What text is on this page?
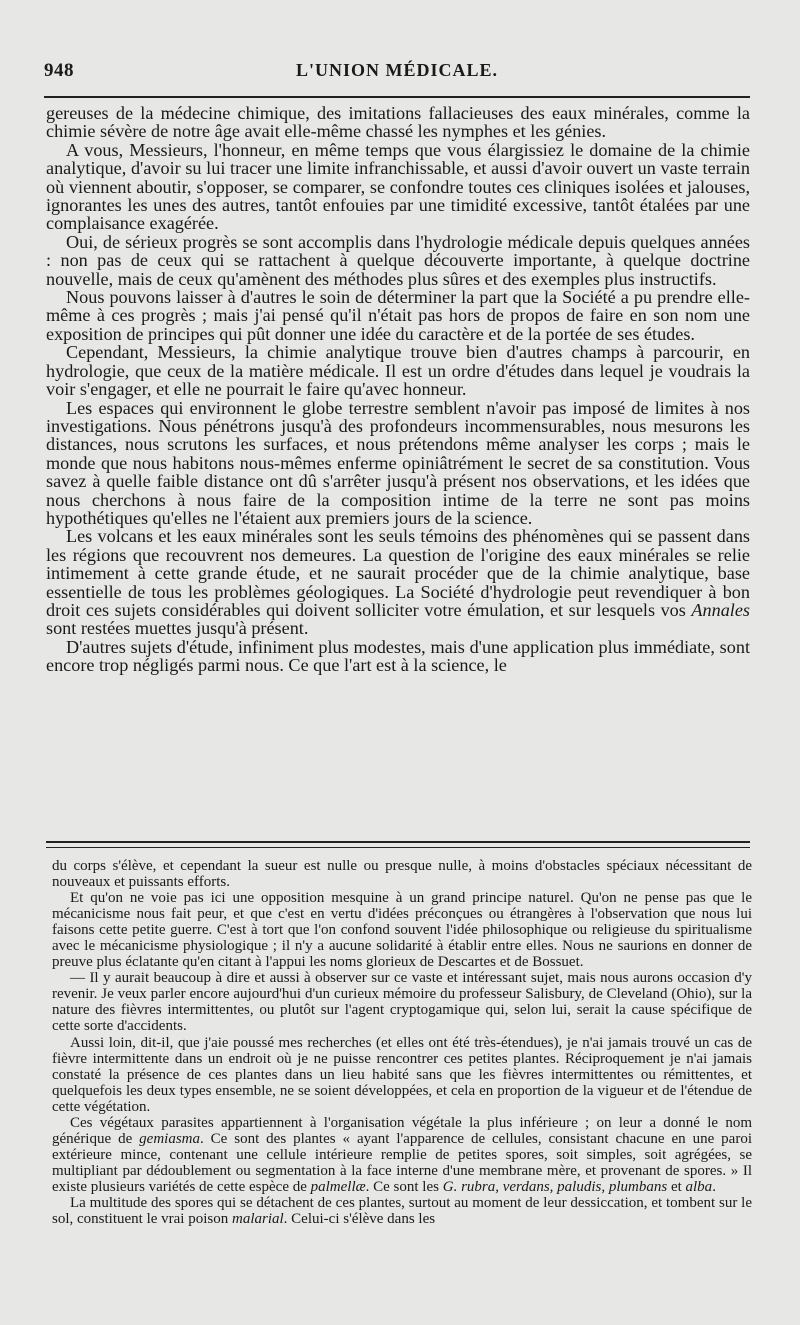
948	L'UNION MÉDICALE.

gereuses de la médecine chimique, des imitations fallacieuses des eaux minérales, comme la chimie sévère de notre âge avait elle-même chassé les nymphes et les génies.

A vous, Messieurs, l'honneur, en même temps que vous élargissiez le domaine de la chimie analytique, d'avoir su lui tracer une limite infranchissable, et aussi d'avoir ouvert un vaste terrain où viennent aboutir, s'opposer, se comparer, se confondre toutes ces cliniques isolées et jalouses, ignorantes les unes des autres, tantôt enfouies par une timidité excessive, tantôt étalées par une complaisance exagérée.

Oui, de sérieux progrès se sont accomplis dans l'hydrologie médicale depuis quelques années : non pas de ceux qui se rattachent à quelque découverte importante, à quelque doctrine nouvelle, mais de ceux qu'amènent des méthodes plus sûres et des exemples plus instructifs.

Nous pouvons laisser à d'autres le soin de déterminer la part que la Société a pu prendre elle-même à ces progrès ; mais j'ai pensé qu'il n'était pas hors de propos de faire en son nom une exposition de principes qui pût donner une idée du caractère et de la portée de ses études.

Cependant, Messieurs, la chimie analytique trouve bien d'autres champs à parcourir, en hydrologie, que ceux de la matière médicale. Il est un ordre d'études dans lequel je voudrais la voir s'engager, et elle ne pourrait le faire qu'avec honneur.

Les espaces qui environnent le globe terrestre semblent n'avoir pas imposé de limites à nos investigations. Nous pénétrons jusqu'à des profondeurs incommensurables, nous mesurons les distances, nous scrutons les surfaces, et nous prétendons même analyser les corps ; mais le monde que nous habitons nous-mêmes enferme opiniâtrément le secret de sa constitution. Vous savez à quelle faible distance ont dû s'arrêter jusqu'à présent nos observations, et les idées que nous cherchons à nous faire de la composition intime de la terre ne sont pas moins hypothétiques qu'elles ne l'étaient aux premiers jours de la science.

Les volcans et les eaux minérales sont les seuls témoins des phénomènes qui se passent dans les régions que recouvrent nos demeures. La question de l'origine des eaux minérales se relie intimement à cette grande étude, et ne saurait procéder que de la chimie analytique, base essentielle de tous les problèmes géologiques. La Société d'hydrologie peut revendiquer à bon droit ces sujets considérables qui doivent solliciter votre émulation, et sur lesquels vos Annales sont restées muettes jusqu'à présent.

D'autres sujets d'étude, infiniment plus modestes, mais d'une application plus immédiate, sont encore trop négligés parmi nous. Ce que l'art est à la science, le

du corps s'élève, et cependant la sueur est nulle ou presque nulle, à moins d'obstacles spéciaux nécessitant de nouveaux et puissants efforts.

Et qu'on ne voie pas ici une opposition mesquine à un grand principe naturel. Qu'on ne pense pas que le mécanicisme nous fait peur, et que c'est en vertu d'idées préconçues ou étrangères à l'observation que nous lui faisons cette petite guerre. C'est à tort que l'on confond souvent l'idée philosophique ou religieuse du spiritualisme avec le mécanicisme physiologique ; il n'y a aucune solidarité à établir entre elles. Nous ne saurions en donner de preuve plus éclatante qu'en citant à l'appui les noms glorieux de Descartes et de Bossuet.

— Il y aurait beaucoup à dire et aussi à observer sur ce vaste et intéressant sujet, mais nous aurons occasion d'y revenir. Je veux parler encore aujourd'hui d'un curieux mémoire du professeur Salisbury, de Cleveland (Ohio), sur la nature des fièvres intermittentes, ou plutôt sur l'agent cryptogamique qui, selon lui, serait la cause spécifique de cette sorte d'accidents.

Aussi loin, dit-il, que j'aie poussé mes recherches (et elles ont été très-étendues), je n'ai jamais trouvé un cas de fièvre intermittente dans un endroit où je ne puisse rencontrer ces petites plantes. Réciproquement je n'ai jamais constaté la présence de ces plantes dans un lieu habité sans que les fièvres intermittentes ou rémittentes, et quelquefois les deux types ensemble, ne se soient développées, et cela en proportion de la vigueur et de l'étendue de cette végétation.

Ces végétaux parasites appartiennent à l'organisation végétale la plus inférieure ; on leur a donné le nom générique de gemiasma. Ce sont des plantes « ayant l'apparence de cellules, consistant chacune en une paroi extérieure mince, contenant une cellule intérieure remplie de petites spores, soit simples, soit agrégées, se multipliant par dédoublement ou segmentation à la face interne d'une membrane mère, et provenant de spores. » Il existe plusieurs variétés de cette espèce de palmellæ. Ce sont les G. rubra, verdans, paludis, plumbans et alba.

La multitude des spores qui se détachent de ces plantes, surtout au moment de leur dessiccation, et tombent sur le sol, constituent le vrai poison malarial. Celui-ci s'élève dans les
